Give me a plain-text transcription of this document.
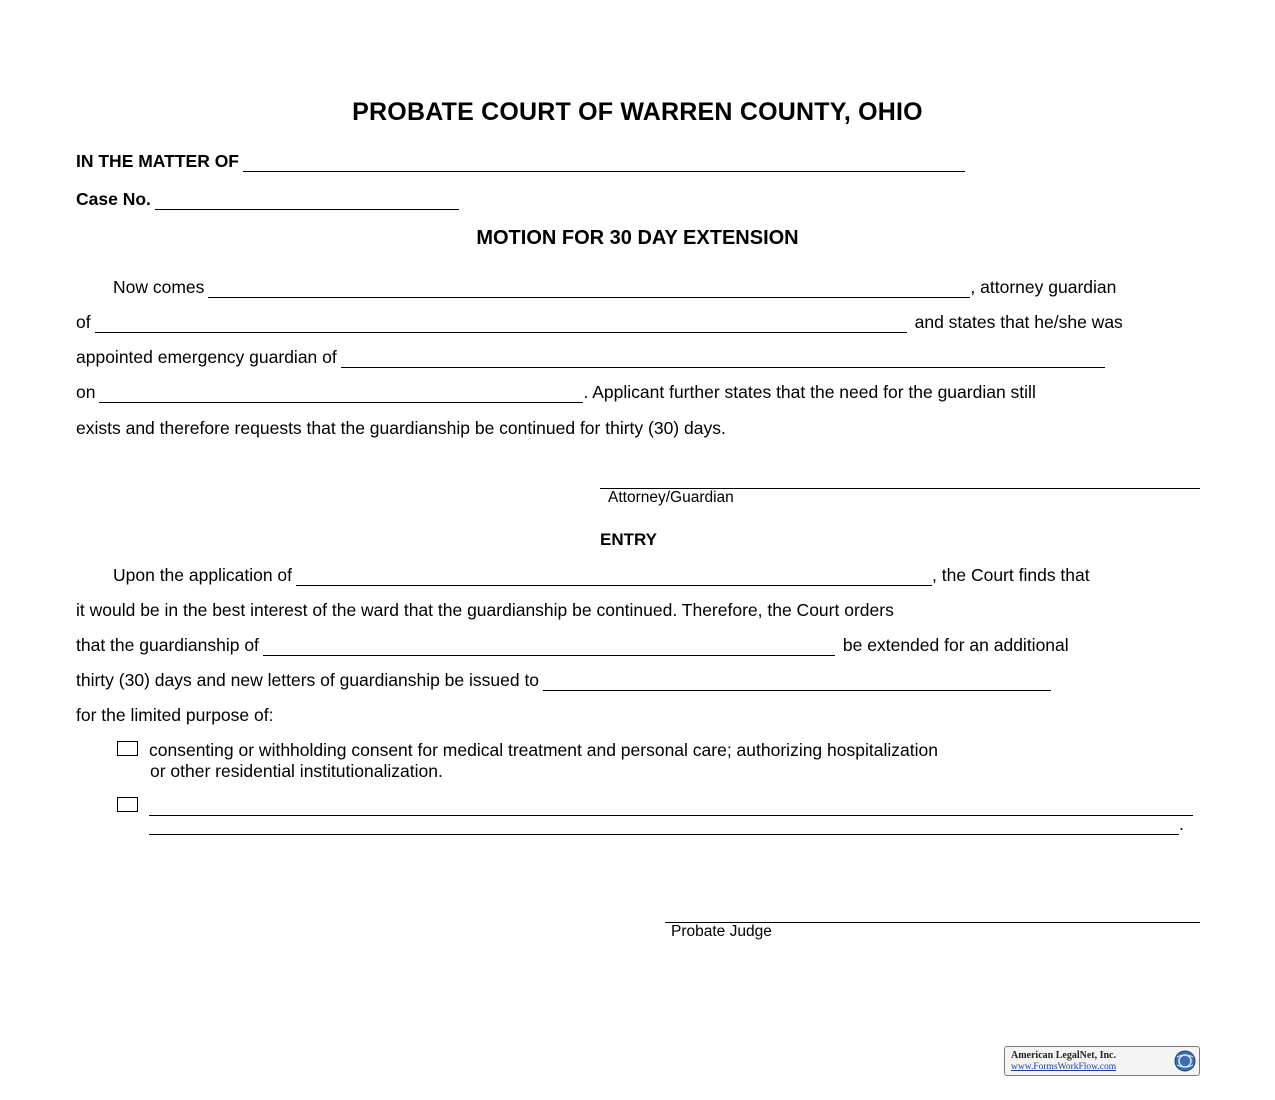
PROBATE COURT OF WARREN COUNTY, OHIO
IN THE MATTER OF
Case No.
MOTION FOR 30 DAY EXTENSION
Now comes	, attorney guardian
of	and states that he/she was
appointed emergency guardian of
on	. Applicant further states that the need for the guardian still
exists and therefore requests that the guardianship be continued for thirty (30) days.
Attorney/Guardian
ENTRY
Upon the application of	, the Court finds that
it would be in the best interest of the ward that the guardianship be continued. Therefore, the Court orders
that the guardianship of	be extended for an additional
thirty (30) days and new letters of guardianship be issued to
for the limited purpose of:
consenting or withholding consent for medical treatment and personal care; authorizing hospitalization
or other residential institutionalization.
.
Probate Judge
American LegalNet, Inc.
www.FormsWorkFlow.com
